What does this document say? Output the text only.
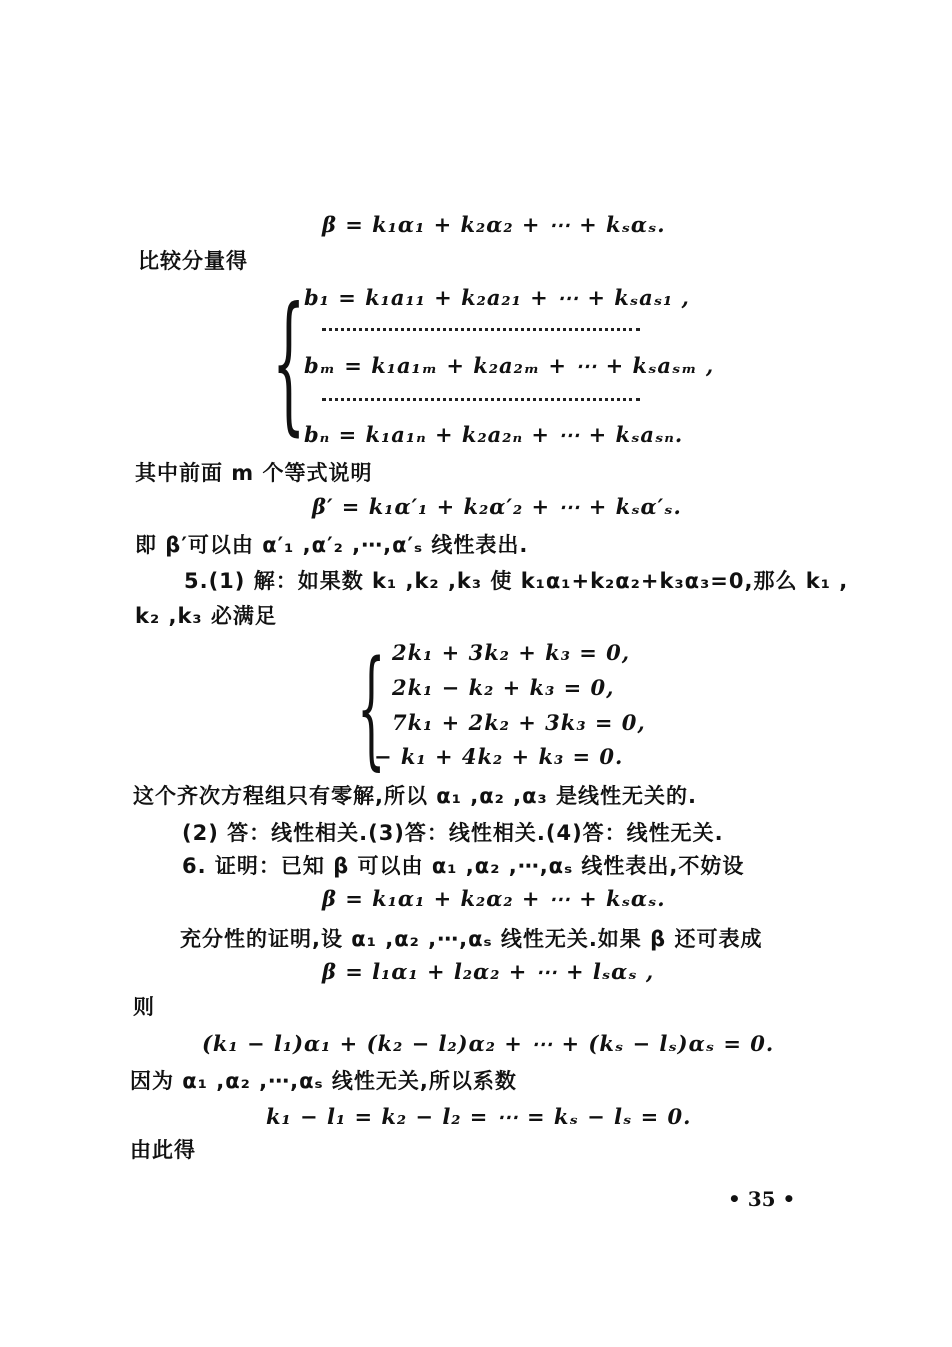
β = k₁α₁ + k₂α₂ + ⋯ + kₛαₛ.
比较分量得
{
b₁ = k₁a₁₁ + k₂a₂₁ + ⋯ + kₛaₛ₁ ,
bₘ = k₁a₁ₘ + k₂a₂ₘ + ⋯ + kₛaₛₘ ,
bₙ = k₁a₁ₙ + k₂a₂ₙ + ⋯ + kₛaₛₙ.
其中前面 m 个等式说明
β′ = k₁α′₁ + k₂α′₂ + ⋯ + kₛα′ₛ.
即 β′可以由 α′₁ ,α′₂ ,⋯,α′ₛ 线性表出.
5.(1) 解：如果数 k₁ ,k₂ ,k₃ 使 k₁α₁+k₂α₂+k₃α₃=0,那么 k₁ ,
k₂ ,k₃ 必满足
{ 2k₁ + 3k₂ + k₃ = 0,
2k₁ − k₂ + k₃ = 0,
7k₁ + 2k₂ + 3k₃ = 0,
− k₁ + 4k₂ + k₃ = 0.
这个齐次方程组只有零解,所以 α₁ ,α₂ ,α₃ 是线性无关的.
(2) 答：线性相关.(3)答：线性相关.(4)答：线性无关.
6. 证明：已知 β 可以由 α₁ ,α₂ ,⋯,αₛ 线性表出,不妨设
β = k₁α₁ + k₂α₂ + ⋯ + kₛαₛ.
充分性的证明,设 α₁ ,α₂ ,⋯,αₛ 线性无关.如果 β 还可表成
β = l₁α₁ + l₂α₂ + ⋯ + lₛαₛ ,
则
(k₁ − l₁)α₁ + (k₂ − l₂)α₂ + ⋯ + (kₛ − lₛ)αₛ = 0.
因为 α₁ ,α₂ ,⋯,αₛ 线性无关,所以系数
k₁ − l₁ = k₂ − l₂ = ⋯ = kₛ − lₛ = 0.
由此得
• 35 •
